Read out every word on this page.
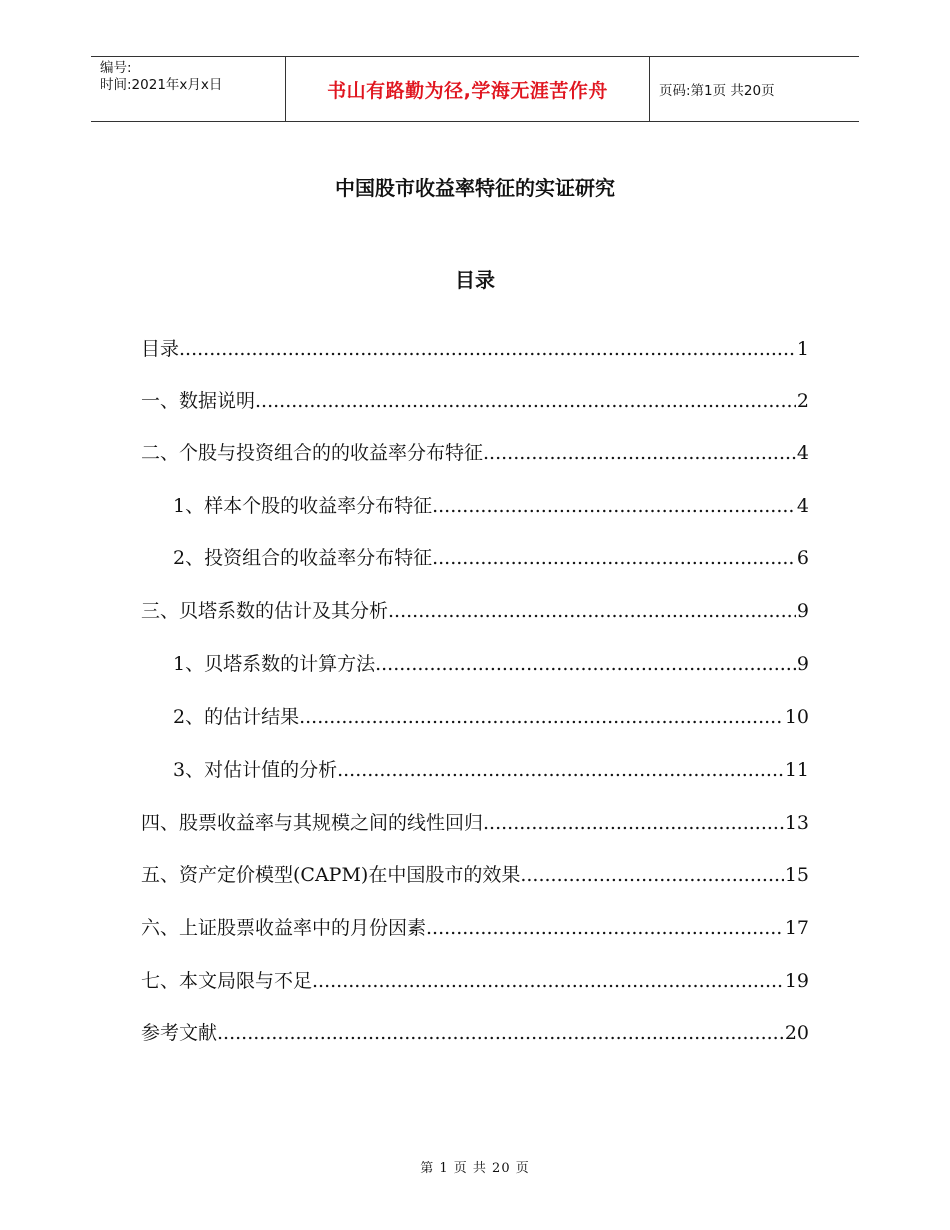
编号:
时间:2021年x月x日	书山有路勤为径,学海无涯苦作舟	页码:第1页 共20页
中国股市收益率特征的实证研究
目录
目录 .....	1
一、数据说明 .....	2
二、个股与投资组合的的收益率分布特征 .....	4
1、样本个股的收益率分布特征 .....	4
2、投资组合的收益率分布特征 .....	6
三、贝塔系数的估计及其分析 .....	9
1、贝塔系数的计算方法 .....	9
2、的估计结果 .....	10
3、对估计值的分析 .....	11
四、股票收益率与其规模之间的线性回归 .....	13
五、资产定价模型(CAPM)在中国股市的效果 .....	15
六、上证股票收益率中的月份因素 .....	17
七、本文局限与不足 .....	19
参考文献 .....	20
第 1 页 共 20 页
